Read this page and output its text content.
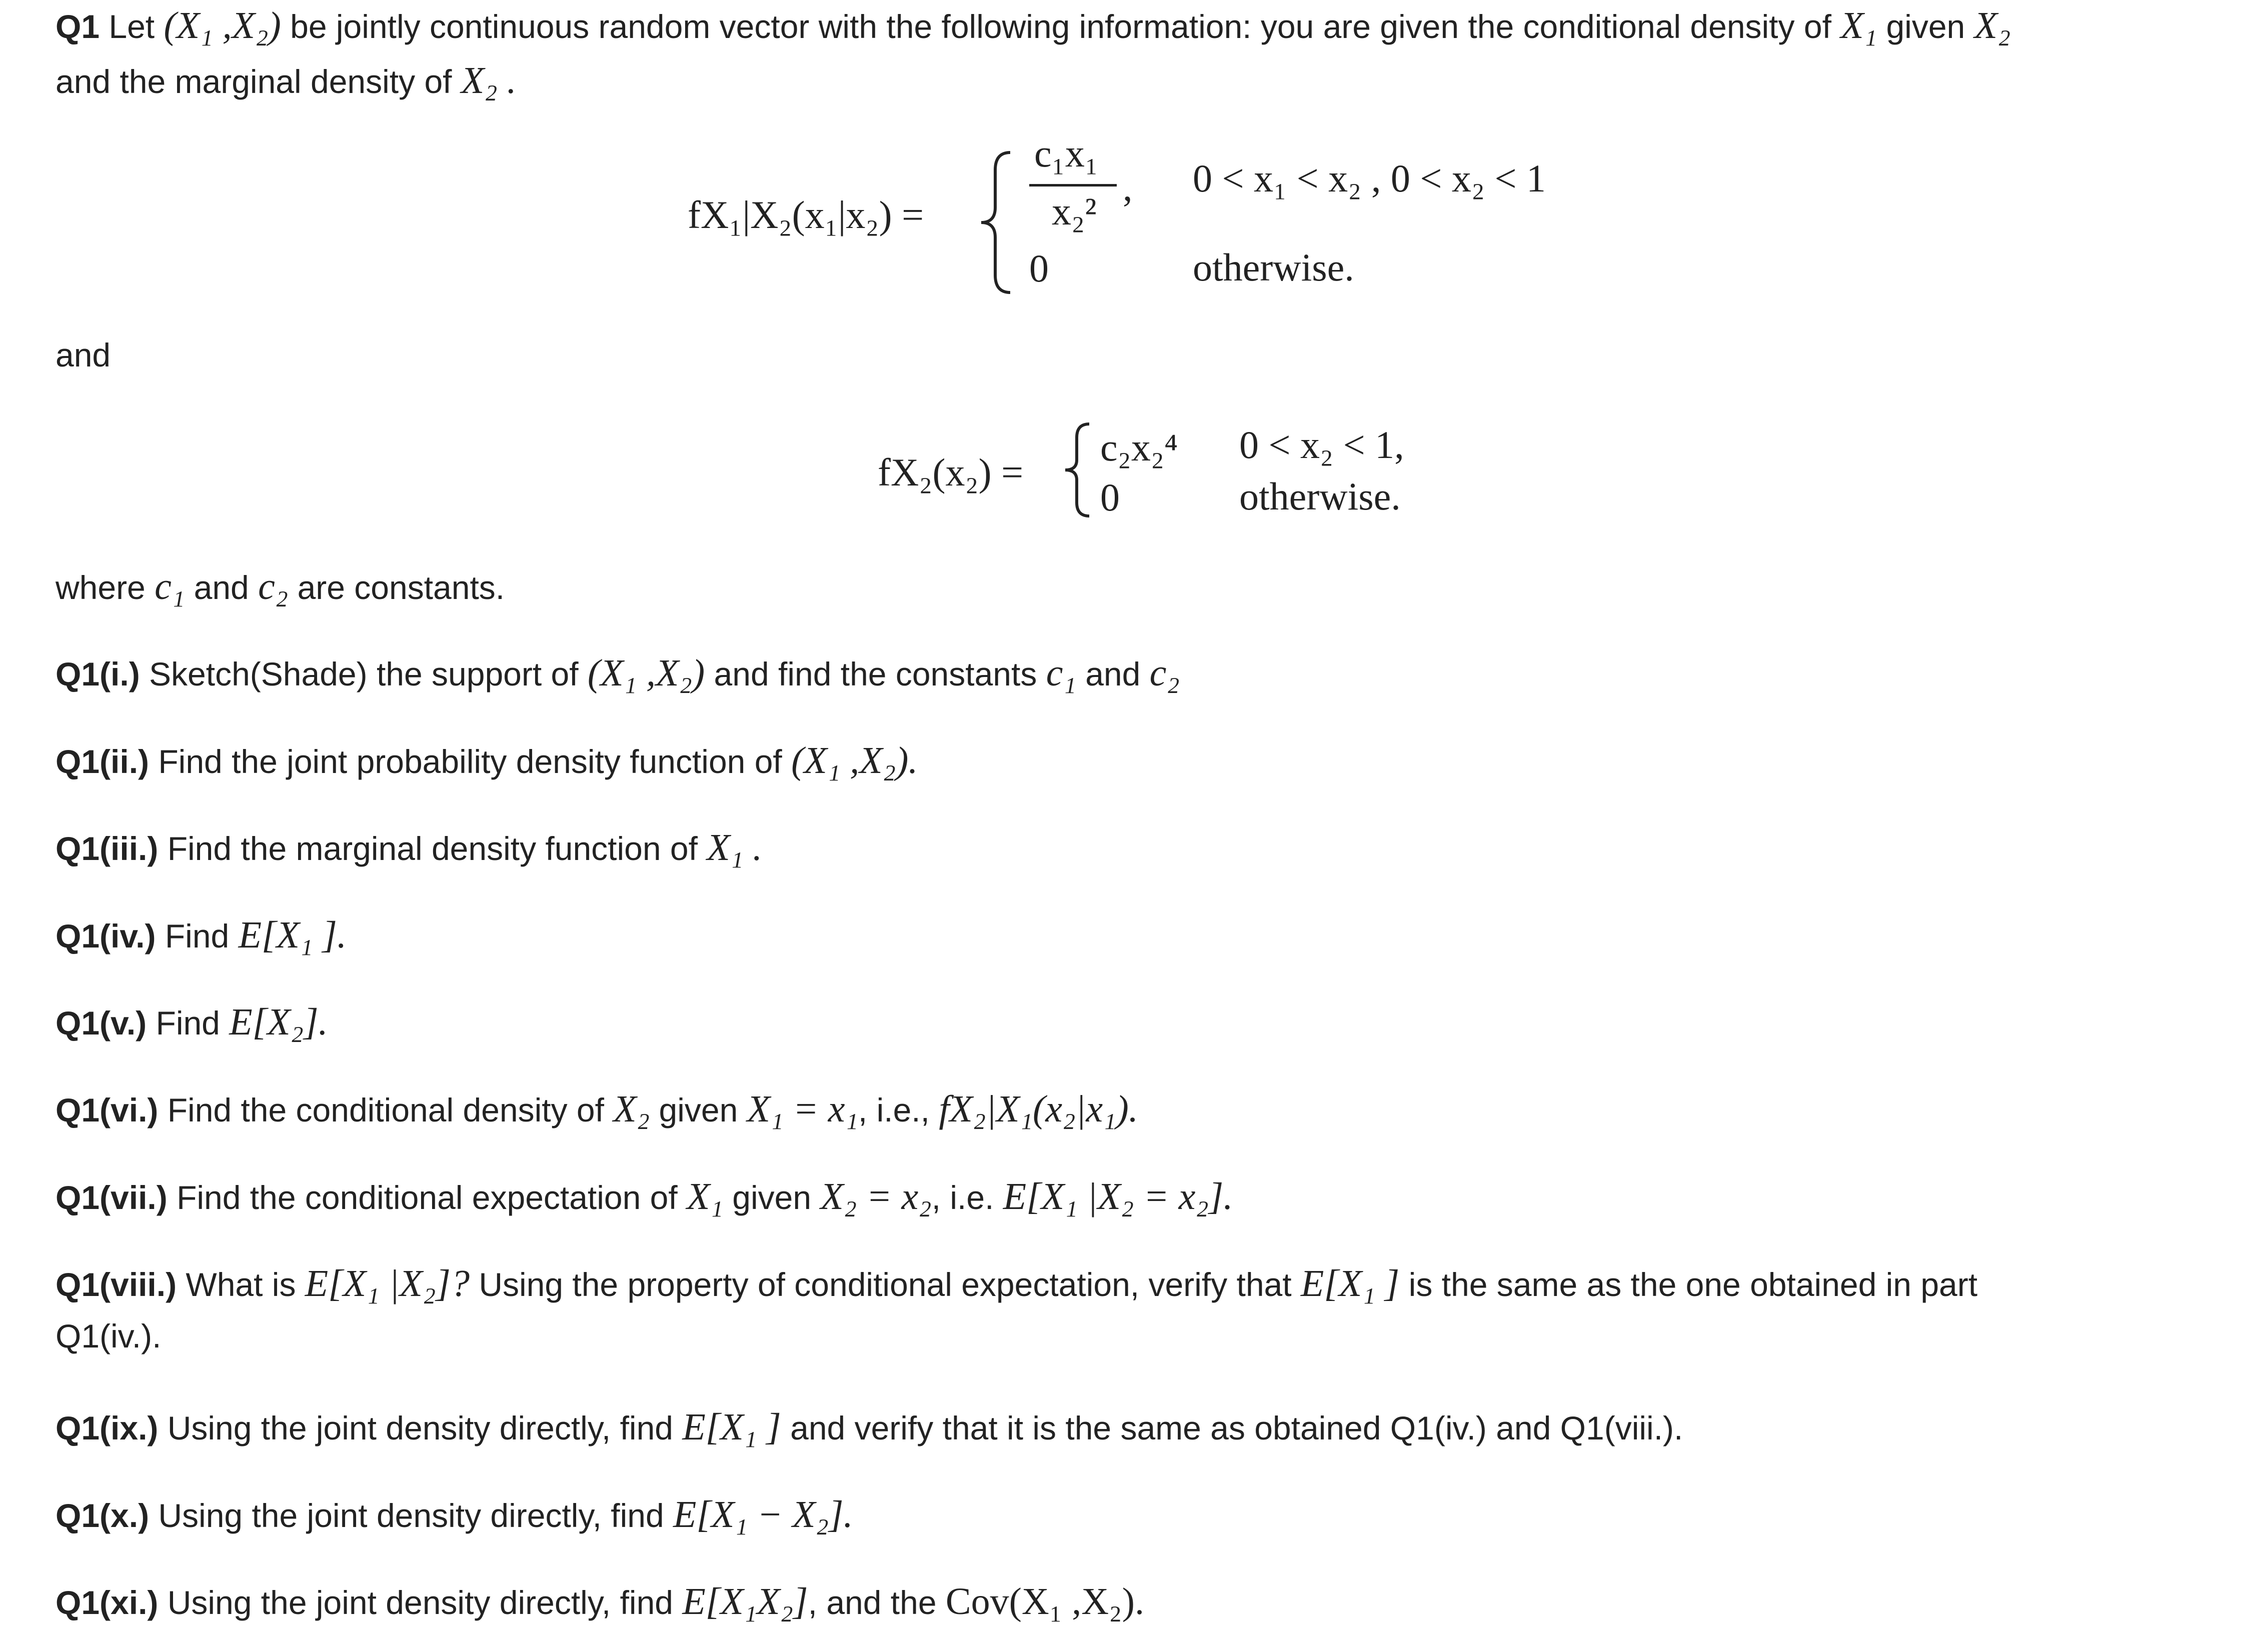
Q1 Let (X₁ ,X₂) be jointly continuous random vector with the following information: you are given the conditional density of X₁ given X₂
and the marginal density of X₂ .
fX₁|X₂(x₁|x₂) =
c₁x₁
x₂²
,
0
0 < x₁ < x₂ , 0 < x₂ < 1
otherwise.
and
fX₂(x₂) =
c₂x₂⁴
0
0 < x₂ < 1,
otherwise.
where c₁ and c₂ are constants.
Q1(i.) Sketch(Shade) the support of (X₁ ,X₂) and find the constants c₁ and c₂
Q1(ii.) Find the joint probability density function of (X₁ ,X₂).
Q1(iii.) Find the marginal density function of X₁ .
Q1(iv.) Find E[X₁ ].
Q1(v.) Find E[X₂].
Q1(vi.) Find the conditional density of X₂ given X₁ = x₁, i.e., fX₂|X₁(x₂|x₁).
Q1(vii.) Find the conditional expectation of X₁ given X₂ = x₂, i.e. E[X₁ |X₂ = x₂].
Q1(viii.) What is E[X₁ |X₂]? Using the property of conditional expectation, verify that E[X₁ ] is the same as the one obtained in part
Q1(iv.).
Q1(ix.) Using the joint density directly, find E[X₁ ] and verify that it is the same as obtained Q1(iv.) and Q1(viii.).
Q1(x.) Using the joint density directly, find E[X₁ − X₂].
Q1(xi.) Using the joint density directly, find E[X₁X₂], and the Cov(X₁ ,X₂).
